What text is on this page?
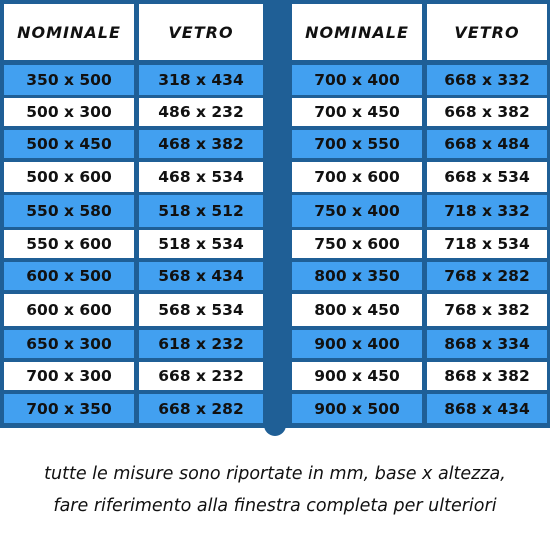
NOMINALE	VETRO
350 x 500	318 x 434
500 x 300	486 x 232
500 x 450	468 x 382
500 x 600	468 x 534
550 x 580	518 x 512
550 x 600	518 x 534
600 x 500	568 x 434
600 x 600	568 x 534
650 x 300	618 x 232
700 x 300	668 x 232
700 x 350	668 x 282
NOMINALE	VETRO
700 x 400	668 x 332
700 x 450	668 x 382
700 x 550	668 x 484
700 x 600	668 x 534
750 x 400	718 x 332
750 x 600	718 x 534
800 x 350	768 x 282
800 x 450	768 x 382
900 x 400	868 x 334
900 x 450	868 x 382
900 x 500	868 x 434
tutte le misure sono riportate in mm, base x altezza,
fare riferimento alla finestra completa per ulteriori
